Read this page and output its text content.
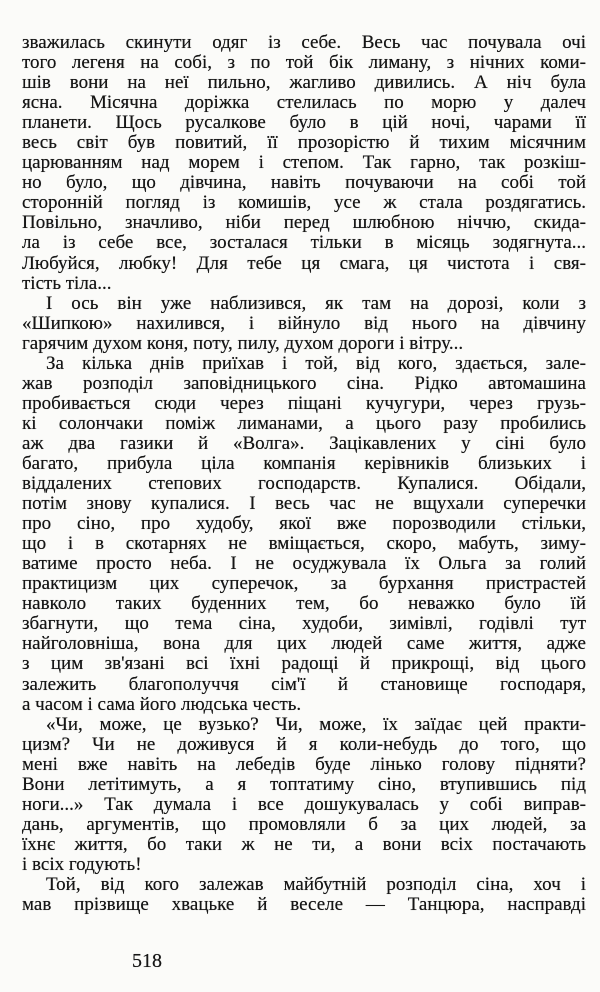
зважилась скинути одяг із себе. Весь час почувала очі
того легеня на собі, з по той бік лиману, з нічних коми-
шів вони на неї пильно, жагливо дивились. А ніч була
ясна. Місячна доріжка стелилась по морю у далеч
планети. Щось русалкове було в цій ночі, чарами її
весь світ був повитий, її прозорістю й тихим місячним
царюванням над морем і степом. Так гарно, так розкіш-
но було, що дівчина, навіть почуваючи на собі той
сторонній погляд із комишів, усе ж стала роздягатись.
Повільно, значливо, ніби перед шлюбною ніччю, скида-
ла із себе все, зосталася тільки в місяць зодягнута...
Любуйся, любку! Для тебе ця смага, ця чистота і свя-
тість тіла...
І ось він уже наблизився, як там на дорозі, коли з
«Шипкою» нахилився, і війнуло від нього на дівчину
гарячим духом коня, поту, пилу, духом дороги і вітру...
За кілька днів приїхав і той, від кого, здається, зале-
жав розподіл заповідницького сіна. Рідко автомашина
пробивається сюди через піщані кучугури, через грузь-
кі солончаки поміж лиманами, а цього разу пробились
аж два газики й «Волга». Зацікавлених у сіні було
багато, прибула ціла компанія керівників близьких і
віддалених степових господарств. Купалися. Обідали,
потім знову купалися. І весь час не вщухали суперечки
про сіно, про худобу, якої вже порозводили стільки,
що і в скотарнях не вміщається, скоро, мабуть, зиму-
ватиме просто неба. І не осуджувала їх Ольга за голий
практицизм цих суперечок, за бурхання пристрастей
навколо таких буденних тем, бо неважко було їй
збагнути, що тема сіна, худоби, зимівлі, годівлі тут
найголовніша, вона для цих людей саме життя, адже
з цим зв'язані всі їхні радощі й прикрощі, від цього
залежить благополуччя сім'ї й становище господаря,
а часом і сама його людська честь.
«Чи, може, це вузько? Чи, може, їх заїдає цей практи-
цизм? Чи не доживуся й я коли-небудь до того, що
мені вже навіть на лебедів буде лінько голову підняти?
Вони летітимуть, а я топтатиму сіно, втупившись під
ноги...» Так думала і все дошукувалась у собі виправ-
дань, аргументів, що промовляли б за цих людей, за
їхнє життя, бо таки ж не ти, а вони всіх постачають
і всіх годують!
Той, від кого залежав майбутній розподіл сіна, хоч і
мав прізвище хвацьке й веселе — Танцюра, насправді
518
